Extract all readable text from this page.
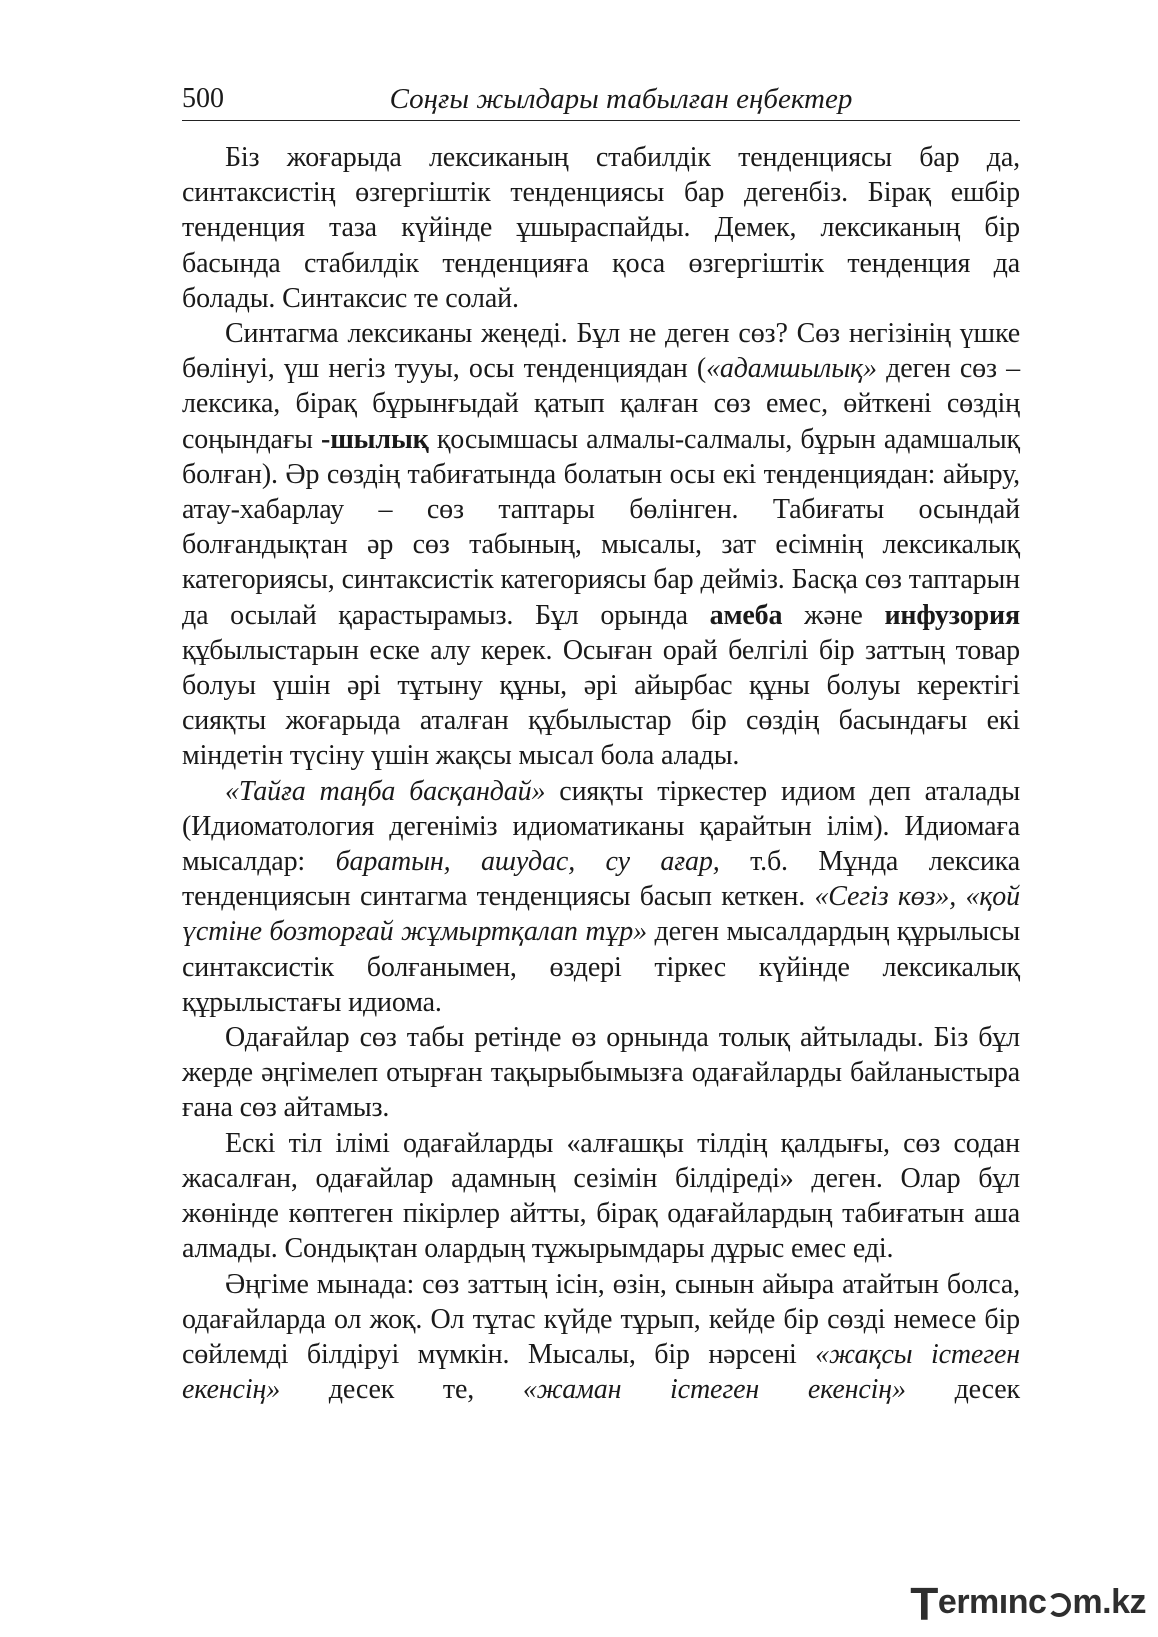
500	Соңғы жылдары табылған еңбектер

Біз жоғарыда лексиканың стабилдік тенденциясы бар да, синтаксистің өзгергіштік тенденциясы бар дегенбіз. Бірақ ешбір тенденция таза күйінде ұшыраспайды. Демек, лексиканың бір басында стабилдік тенденцияға қоса өзгергіштік тенденция да болады. Синтаксис те солай.

Синтагма лексиканы жеңеді. Бұл не деген сөз? Сөз негізінің үшке бөлінуі, үш негіз тууы, осы тенденциядан («адамшылық» деген сөз – лексика, бірақ бұрынғыдай қатып қалған сөз емес, өйткені сөздің соңындағы -шылық қосымшасы алмалы-салмалы, бұрын адамшалық болған). Әр сөздің табиғатында болатын осы екі тенденциядан: айыру, атау-хабарлау – сөз таптары бөлінген. Табиғаты осындай болғандықтан әр сөз табының, мысалы, зат есімнің лексикалық категориясы, синтаксистік категориясы бар дейміз. Басқа сөз таптарын да осылай қарастырамыз. Бұл орында амеба және инфузория құбылыстарын еске алу керек. Осыған орай белгілі бір заттың товар болуы үшін әрі тұтыну құны, әрі айырбас құны болуы керектігі сияқты жоғарыда аталған құбылыстар бір сөздің басындағы екі міндетін түсіну үшін жақсы мысал бола алады.

«Тайға таңба басқандай» сияқты тіркестер идиом деп аталады (Идиоматология дегеніміз идиоматиканы қарайтын ілім). Идиомаға мысалдар: баратын, ашудас, су ағар, т.б. Мұнда лексика тенденциясын синтагма тенденциясы басып кеткен. «Сегіз көз», «қой үстіне бозторғай жұмыртқалап тұр» деген мысалдардың құрылысы синтаксистік болғанымен, өздері тіркес күйінде лексикалық құрылыстағы идиома.

Одағайлар сөз табы ретінде өз орнында толық айтылады. Біз бұл жерде әңгімелеп отырған тақырыбымызға одағайларды байланыстыра ғана сөз айтамыз.

Ескі тіл ілімі одағайларды «алғашқы тілдің қалдығы, сөз содан жасалған, одағайлар адамның сезімін білдіреді» деген. Олар бұл жөнінде көптеген пікірлер айтты, бірақ одағайлардың табиғатын аша алмады. Сондықтан олардың тұжырымдары дұрыс емес еді.

Әңгіме мынада: сөз заттың ісін, өзін, сынын айыра атайтын болса, одағайларда ол жоқ. Ол тұтас күйде тұрып, кейде бір сөзді немесе бір сөйлемді білдіруі мүмкін. Мысалы, бір нәрсені «жақсы істеген екенсің» десек те, «жаман істеген екенсің» десек

T ermınc m.kz
